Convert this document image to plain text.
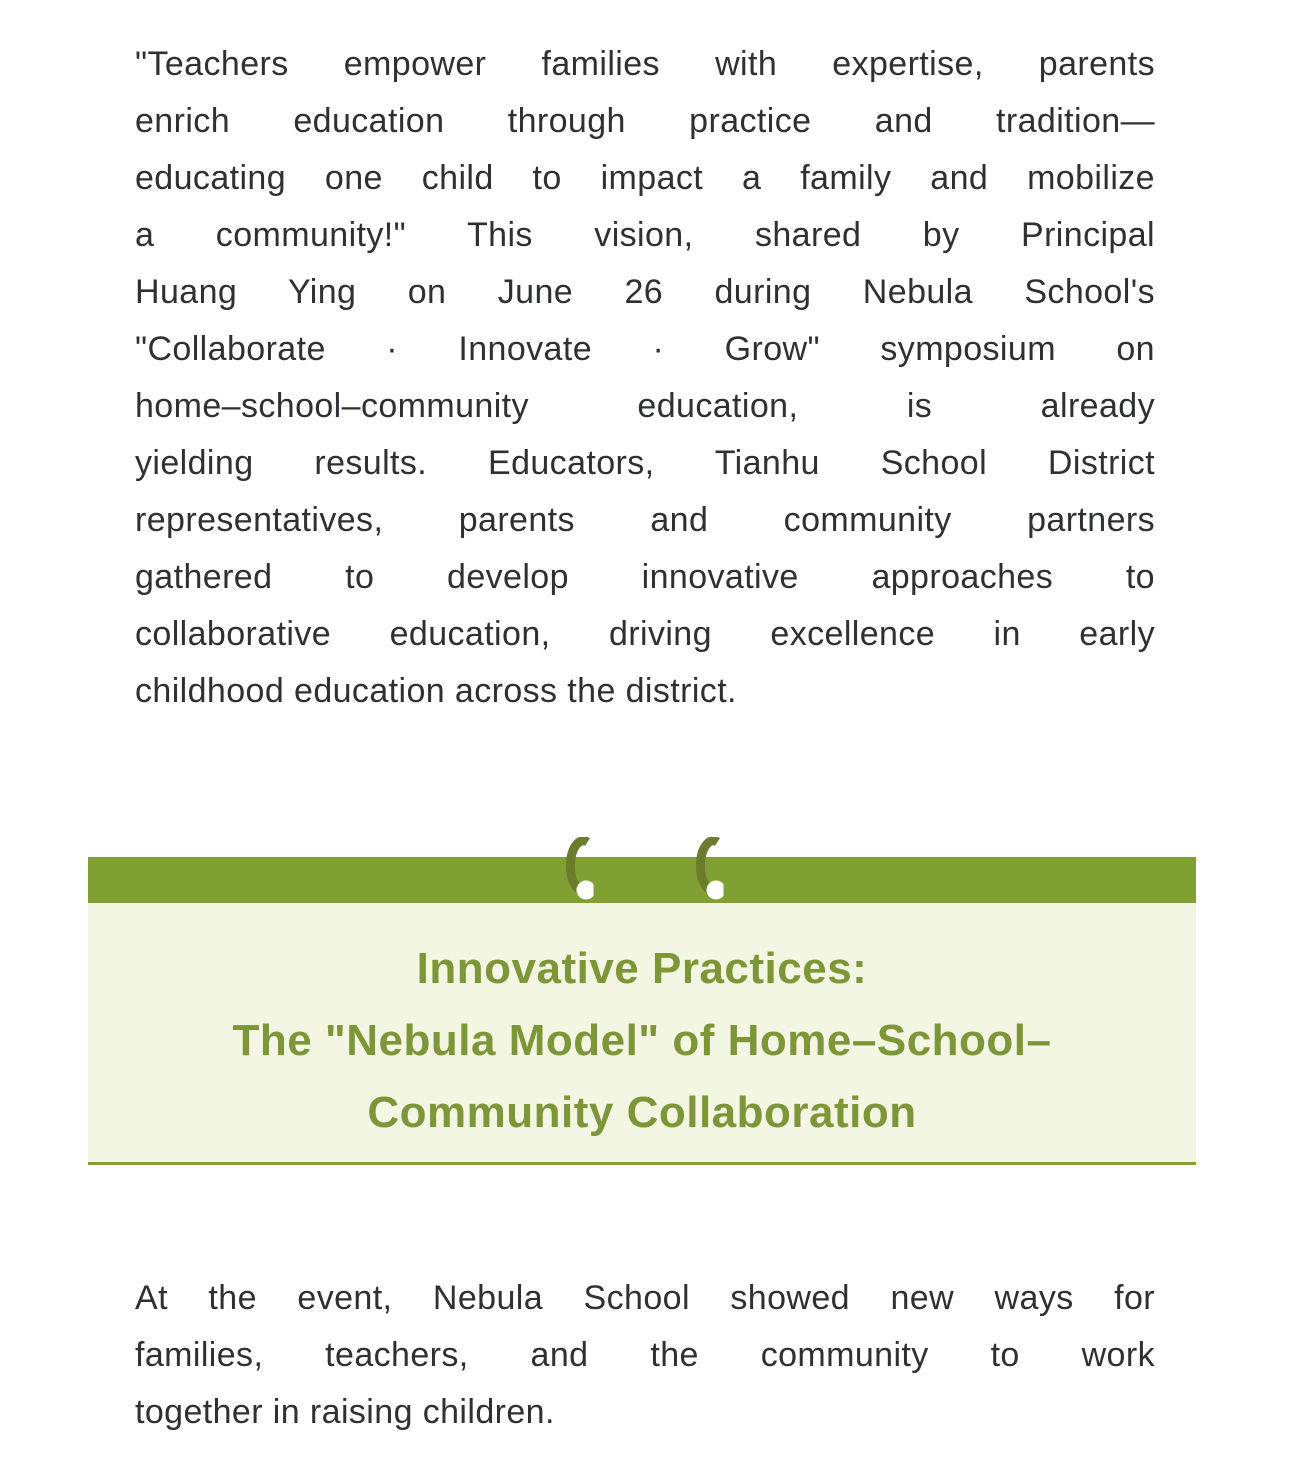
"Teachers empower families with expertise, parents
enrich education through practice and tradition—
educating one child to impact a family and mobilize
a community!" This vision, shared by Principal
Huang Ying on June 26 during Nebula School's
"Collaborate · Innovate · Grow" symposium on
home–school–community education, is already
yielding results. Educators, Tianhu School District
representatives, parents and community partners
gathered to develop innovative approaches to
collaborative education, driving excellence in early
childhood education across the district.
Innovative Practices:
The "Nebula Model" of Home–School–
Community Collaboration
At the event, Nebula School showed new ways for
families, teachers, and the community to work
together in raising children.
